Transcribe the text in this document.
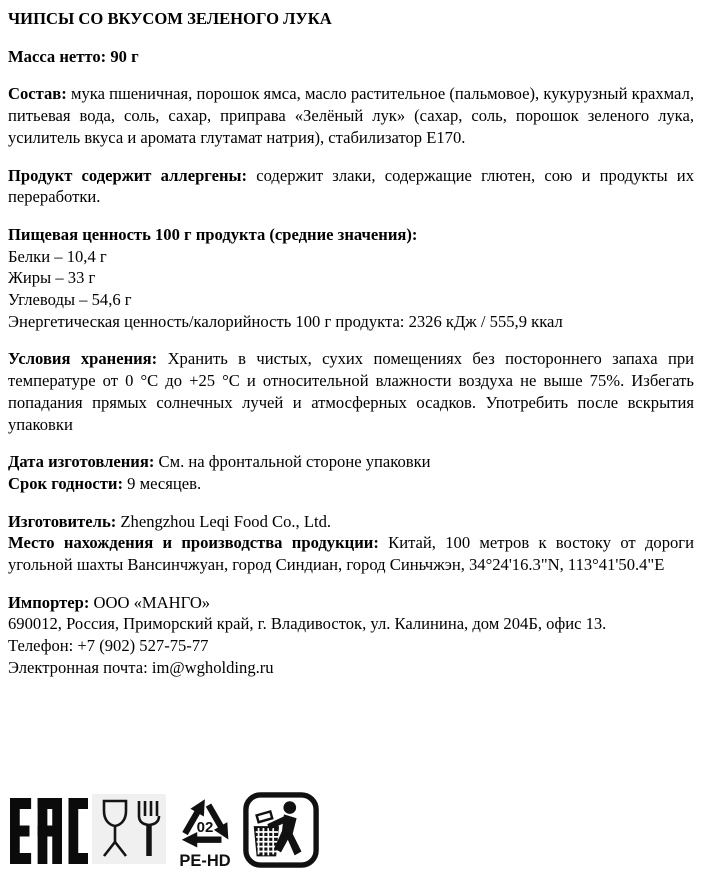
ЧИПСЫ СО ВКУСОМ ЗЕЛЕНОГО ЛУКА
Масса нетто: 90 г
Состав: мука пшеничная, порошок ямса, масло растительное (пальмовое), кукурузный крахмал, питьевая вода, соль, сахар, приправа «Зелёный лук» (сахар, соль, порошок зеленого лука, усилитель вкуса и аромата глутамат натрия), стабилизатор Е170.
Продукт содержит аллергены: содержит злаки, содержащие глютен, сою и продукты их переработки.
Пищевая ценность 100 г продукта (средние значения):
Белки – 10,4 г
Жиры – 33 г
Углеводы – 54,6 г
Энергетическая ценность/калорийность 100 г продукта: 2326 кДж / 555,9 ккал
Условия хранения: Хранить в чистых, сухих помещениях без постороннего запаха при температуре от 0 °С до +25 °С и относительной влажности воздуха не выше 75%. Избегать попадания прямых солнечных лучей и атмосферных осадков. Употребить после вскрытия упаковки
Дата изготовления: См. на фронтальной стороне упаковки
Срок годности: 9 месяцев.
Изготовитель: Zhengzhou Leqi Food Co., Ltd.
Место нахождения и производства продукции: Китай, 100 метров к востоку от дороги угольной шахты Вансинчжуан, город Синдиан, город Синьчжэн, 34°24'16.3"N, 113°41'50.4"E
Импортер: ООО «МАНГО»
690012, Россия, Приморский край, г. Владивосток, ул. Калинина, дом 204Б, офис 13.
Телефон: +7 (902) 527-75-77
Электронная почта: im@wgholding.ru
02
PE-HD
